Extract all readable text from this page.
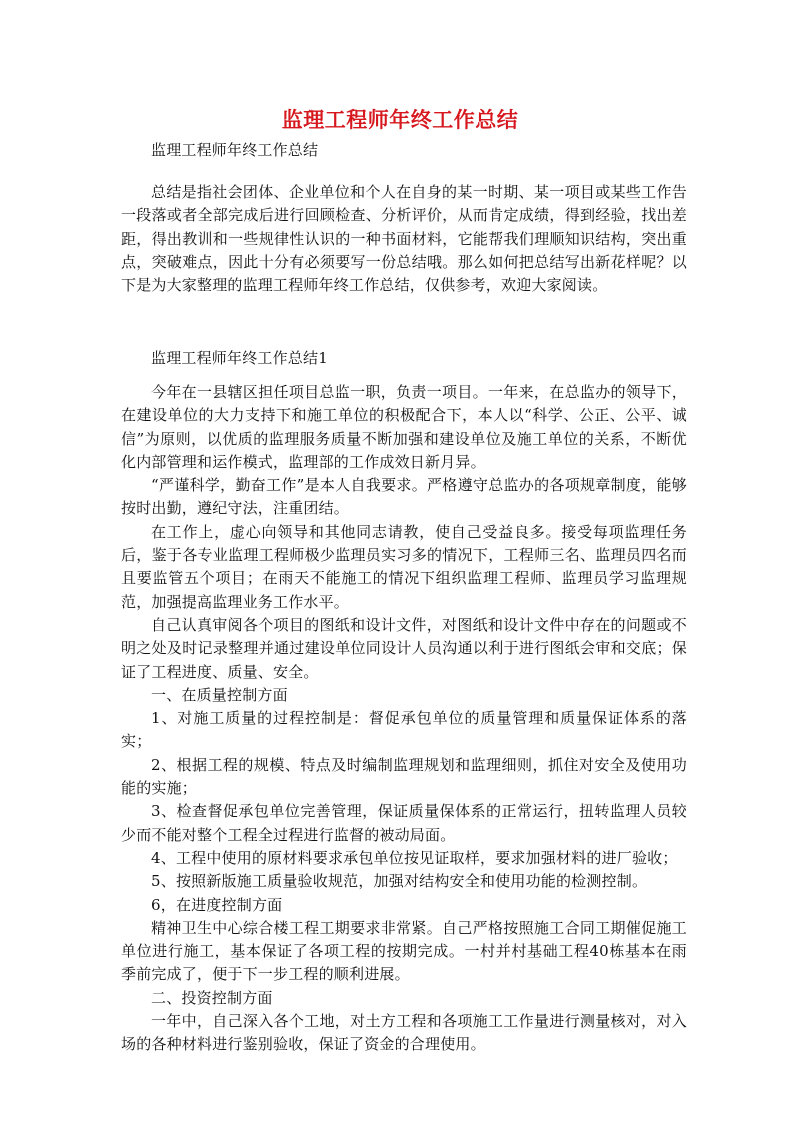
监理工程师年终工作总结

监理工程师年终工作总结

总结是指社会团体、企业单位和个人在自身的某一时期、某一项目或某些工作告一段落或者全部完成后进行回顾检查、分析评价，从而肯定成绩，得到经验，找出差距，得出教训和一些规律性认识的一种书面材料，它能帮我们理顺知识结构，突出重点，突破难点，因此十分有必须要写一份总结哦。那么如何把总结写出新花样呢？以下是为大家整理的监理工程师年终工作总结，仅供参考，欢迎大家阅读。

监理工程师年终工作总结1

今年在一县辖区担任项目总监一职，负责一项目。一年来，在总监办的领导下，在建设单位的大力支持下和施工单位的积极配合下，本人以“科学、公正、公平、诚信”为原则，以优质的监理服务质量不断加强和建设单位及施工单位的关系，不断优化内部管理和运作模式，监理部的工作成效日新月异。

“严谨科学，勤奋工作”是本人自我要求。严格遵守总监办的各项规章制度，能够按时出勤，遵纪守法，注重团结。

在工作上，虚心向领导和其他同志请教，使自己受益良多。接受每项监理任务后，鉴于各专业监理工程师极少监理员实习多的情况下，工程师三名、监理员四名而且要监管五个项目；在雨天不能施工的情况下组织监理工程师、监理员学习监理规范，加强提高监理业务工作水平。

自己认真审阅各个项目的图纸和设计文件，对图纸和设计文件中存在的问题或不明之处及时记录整理并通过建设单位同设计人员沟通以利于进行图纸会审和交底；保证了工程进度、质量、安全。

一、在质量控制方面

1、对施工质量的过程控制是：督促承包单位的质量管理和质量保证体系的落实；

2、根据工程的规模、特点及时编制监理规划和监理细则，抓住对安全及使用功能的实施；

3、检查督促承包单位完善管理，保证质量保体系的正常运行，扭转监理人员较少而不能对整个工程全过程进行监督的被动局面。

4、工程中使用的原材料要求承包单位按见证取样，要求加强材料的进厂验收；

5、按照新版施工质量验收规范，加强对结构安全和使用功能的检测控制。

6，在进度控制方面

精神卫生中心综合楼工程工期要求非常紧。自己严格按照施工合同工期催促施工单位进行施工，基本保证了各项工程的按期完成。一村并村基础工程40栋基本在雨季前完成了，便于下一步工程的顺利进展。

二、投资控制方面

一年中，自己深入各个工地，对土方工程和各项施工工作量进行测量核对，对入场的各种材料进行鉴别验收，保证了资金的合理使用。
